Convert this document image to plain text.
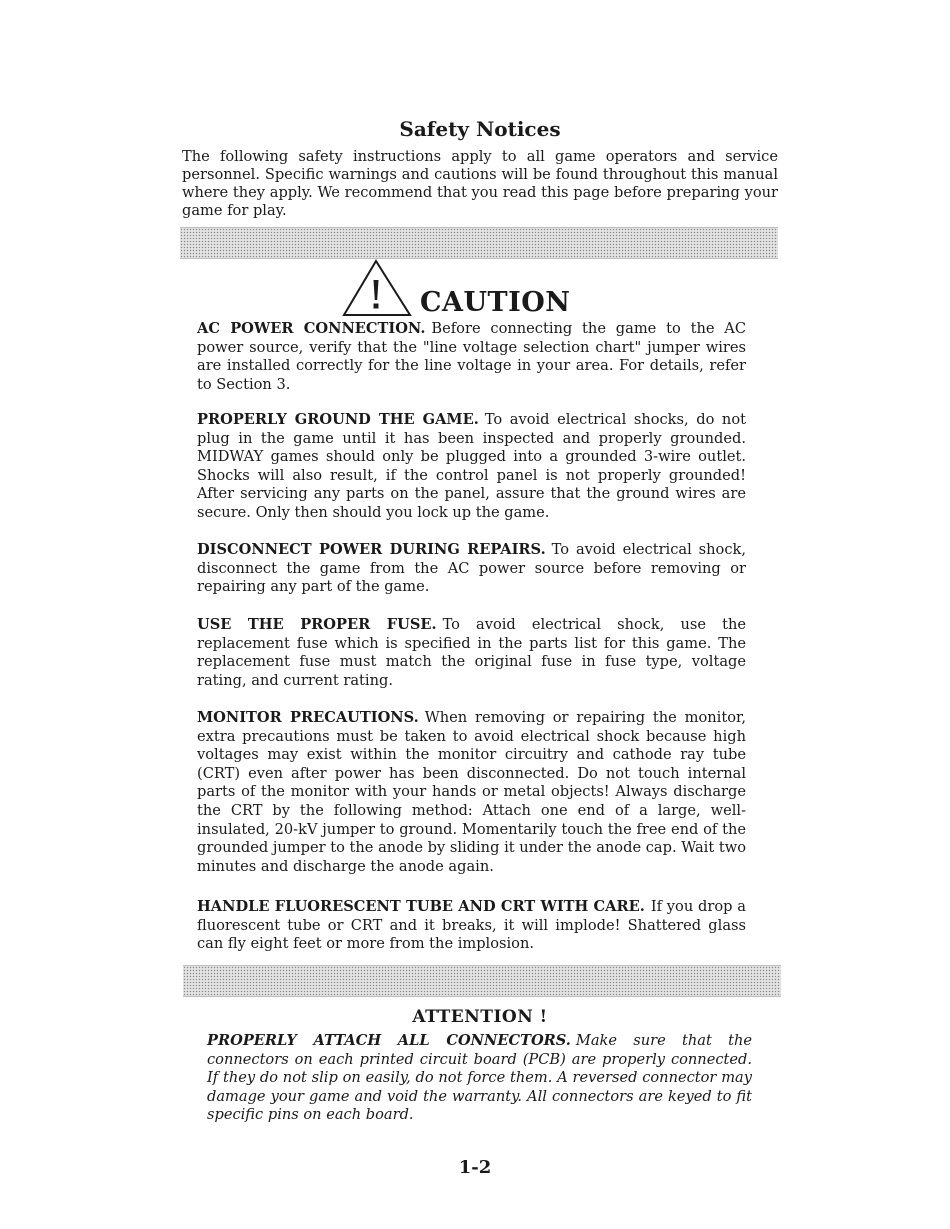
Safety Notices

The following safety instructions apply to all game operators and service personnel. Specific warnings and cautions will be found throughout this manual where they apply. We recommend that you read this page before preparing your game for play.

CAUTION

AC POWER CONNECTION. Before connecting the game to the AC power source, verify that the "line voltage selection chart" jumper wires are installed correctly for the line voltage in your area. For details, refer to Section 3.

PROPERLY GROUND THE GAME. To avoid electrical shocks, do not plug in the game until it has been inspected and properly grounded. MIDWAY games should only be plugged into a grounded 3-wire outlet. Shocks will also result, if the control panel is not properly grounded! After servicing any parts on the panel, assure that the ground wires are secure. Only then should you lock up the game.

DISCONNECT POWER DURING REPAIRS. To avoid electrical shock, disconnect the game from the AC power source before removing or repairing any part of the game.

USE THE PROPER FUSE. To avoid electrical shock, use the replacement fuse which is specified in the parts list for this game. The replacement fuse must match the original fuse in fuse type, voltage rating, and current rating.

MONITOR PRECAUTIONS. When removing or repairing the monitor, extra precautions must be taken to avoid electrical shock because high voltages may exist within the monitor circuitry and cathode ray tube (CRT) even after power has been disconnected. Do not touch internal parts of the monitor with your hands or metal objects! Always discharge the CRT by the following method: Attach one end of a large, well-insulated, 20-kV jumper to ground. Momentarily touch the free end of the grounded jumper to the anode by sliding it under the anode cap. Wait two minutes and discharge the anode again.

HANDLE FLUORESCENT TUBE AND CRT WITH CARE. If you drop a fluorescent tube or CRT and it breaks, it will implode! Shattered glass can fly eight feet or more from the implosion.

ATTENTION !

PROPERLY ATTACH ALL CONNECTORS. Make sure that the connectors on each printed circuit board (PCB) are properly connected. If they do not slip on easily, do not force them. A reversed connector may damage your game and void the warranty. All connectors are keyed to fit specific pins on each board.

1-2
